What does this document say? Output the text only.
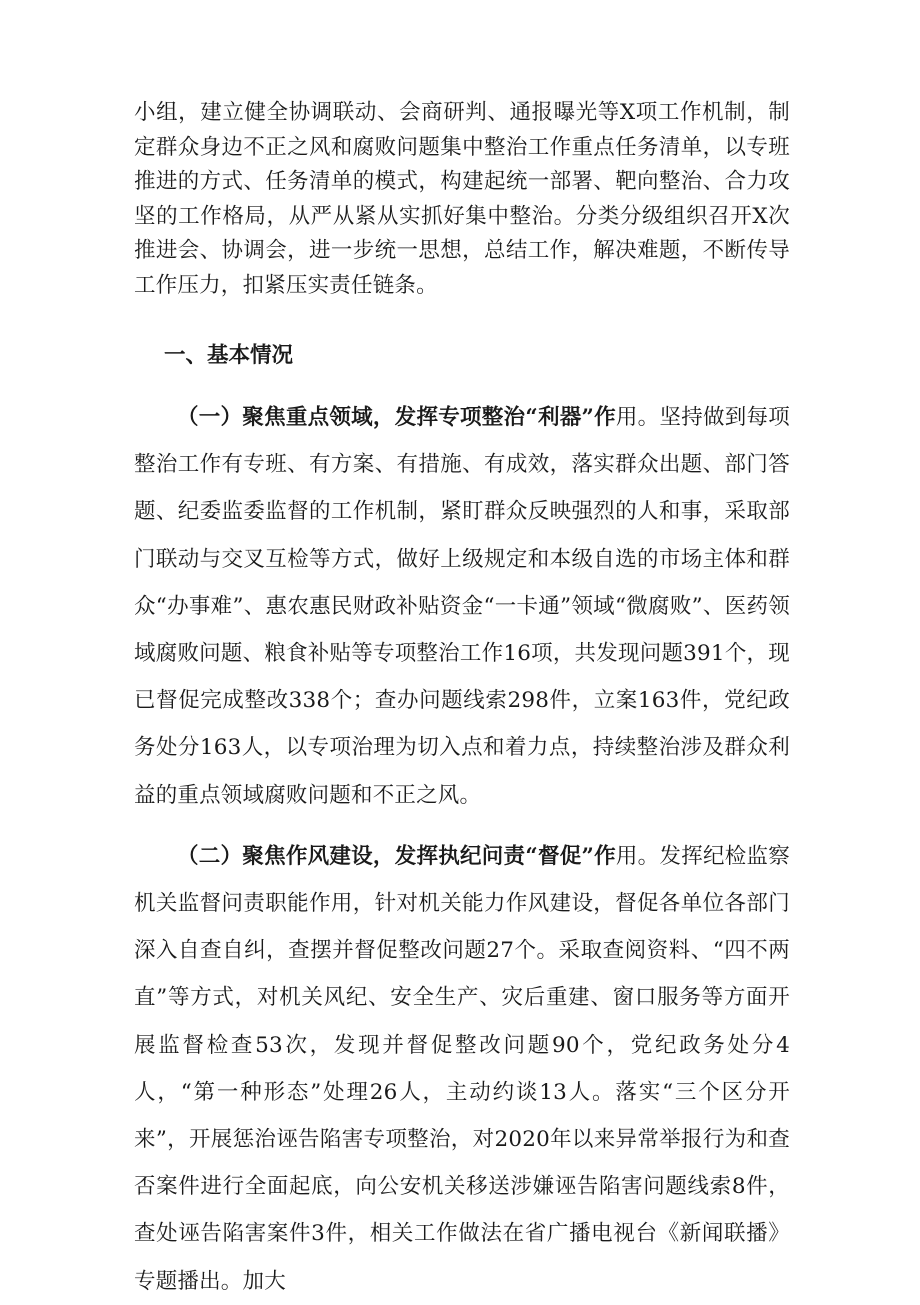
小组，建立健全协调联动、会商研判、通报曝光等X项工作机制，制定群众身边不正之风和腐败问题集中整治工作重点任务清单，以专班推进的方式、任务清单的模式，构建起统一部署、靶向整治、合力攻坚的工作格局，从严从紧从实抓好集中整治。分类分级组织召开X次推进会、协调会，进一步统一思想，总结工作，解决难题，不断传导工作压力，扣紧压实责任链条。

一、基本情况

（一）聚焦重点领域，发挥专项整治“利器”作用。坚持做到每项整治工作有专班、有方案、有措施、有成效，落实群众出题、部门答题、纪委监委监督的工作机制，紧盯群众反映强烈的人和事，采取部门联动与交叉互检等方式，做好上级规定和本级自选的市场主体和群众“办事难”、惠农惠民财政补贴资金“一卡通”领域“微腐败”、医药领域腐败问题、粮食补贴等专项整治工作16项，共发现问题391个，现已督促完成整改338个；查办问题线索298件，立案163件，党纪政务处分163人，以专项治理为切入点和着力点，持续整治涉及群众利益的重点领域腐败问题和不正之风。

（二）聚焦作风建设，发挥执纪问责“督促”作用。发挥纪检监察机关监督问责职能作用，针对机关能力作风建设，督促各单位各部门深入自查自纠，查摆并督促整改问题27个。采取查阅资料、“四不两直”等方式，对机关风纪、安全生产、灾后重建、窗口服务等方面开展监督检查53次，发现并督促整改问题90个，党纪政务处分4人，“第一种形态”处理26人，主动约谈13人。落实“三个区分开来”，开展惩治诬告陷害专项整治，对2020年以来异常举报行为和查否案件进行全面起底，向公安机关移送涉嫌诬告陷害问题线索8件，查处诬告陷害案件3件，相关工作做法在省广播电视台《新闻联播》专题播出。加大
